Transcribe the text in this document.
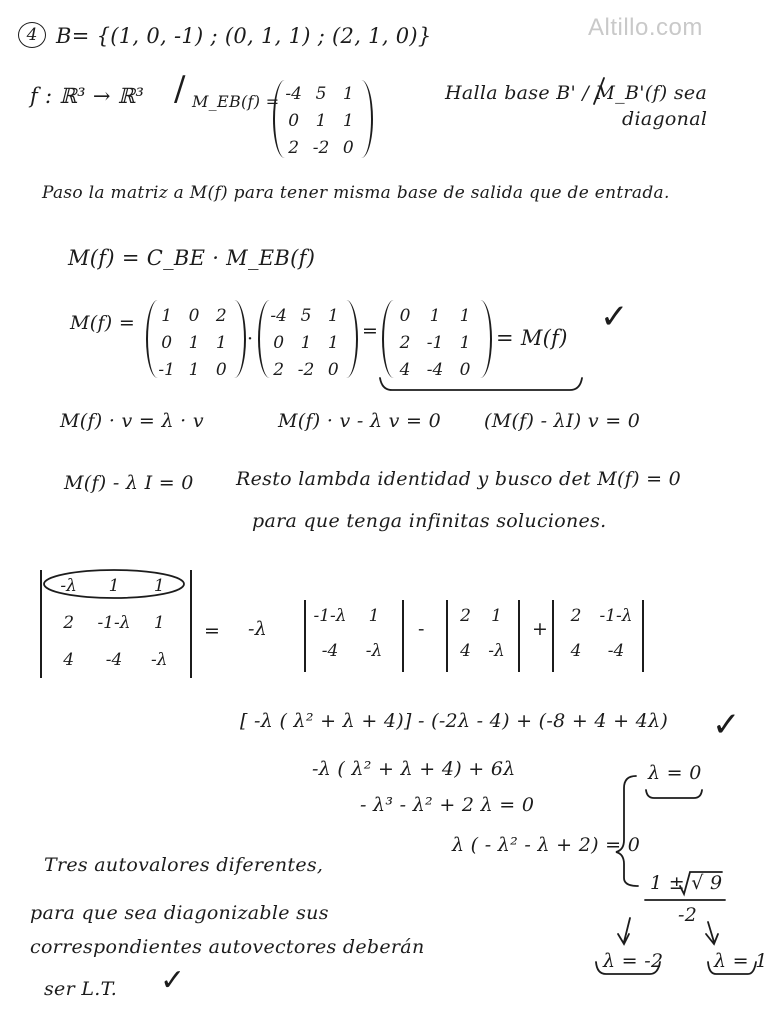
Altillo.com
4 B= {(1, 0, -1) ; (0, 1, 1) ; (2, 1, 0)}
f : ℝ³ → ℝ³ / M_EB(f) = -4 5 1
0 1 1
2 -2 0
Halla base B' / M_B'(f) sea
diagonal
Paso la matriz a M(f) para tener misma base de salida que de entrada.
M(f) = C_BE · M_EB(f)
M(f) =	1 0 2
0 1 1
-1 1 0
·
-4 5 1
0 1 1
2 -2 0
=
0	1	1
2 -1 1
4 -4 0
= M(f)
✓
M(f) · v = λ · v	M(f) · v - λ v = 0 (M(f) - λI) v = 0
M(f) - λ I = 0 Resto lambda identidad y busco det M(f) = 0
para que tenga infinitas soluciones.
-λ	1	1
2	-1-λ	1
4	-4	-λ
= -λ
-1-λ	1
-4	-λ
-
2	1
4	-λ
+
2	-1-λ
4	-4
[ -λ ( λ² + λ + 4)] - (-2λ - 4) + (-8 + 4 + 4λ) ✓
-λ ( λ² + λ + 4) + 6λ
- λ³ - λ² + 2 λ = 0
λ ( - λ² - λ + 2) = 0
λ = 0
1 ± √ 9
-2
λ = -2	λ = 1
Tres autovalores diferentes,
para que sea diagonizable sus
correspondientes autovectores deberán
ser L.T. ✓
